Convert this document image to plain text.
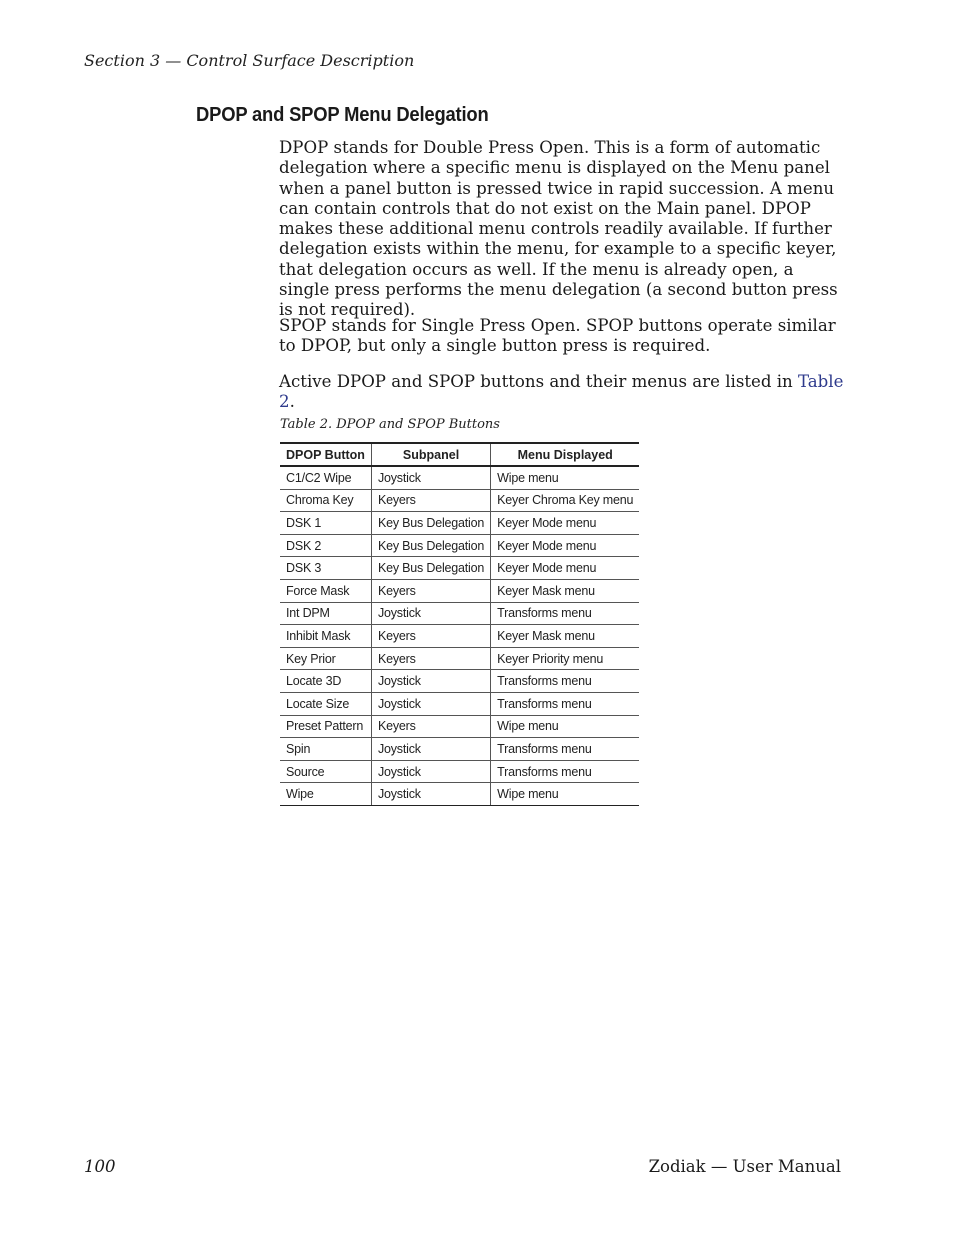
Section 3 — Control Surface Description
DPOP and SPOP Menu Delegation

DPOP stands for Double Press Open. This is a form of automatic delegation where a specific menu is displayed on the Menu panel when a panel button is pressed twice in rapid succession. A menu can contain controls that do not exist on the Main panel. DPOP makes these additional menu controls readily available. If further delegation exists within the menu, for example to a specific keyer, that delegation occurs as well. If the menu is already open, a single press performs the menu delegation (a second button press is not required).

SPOP stands for Single Press Open. SPOP buttons operate similar to DPOP, but only a single button press is required.

Active DPOP and SPOP buttons and their menus are listed in Table 2.

Table 2. DPOP and SPOP Buttons
DPOP Button	Subpanel	Menu Displayed
C1/C2 Wipe	Joystick	Wipe menu
Chroma Key	Keyers	Keyer Chroma Key menu
DSK 1	Key Bus Delegation	Keyer Mode menu
DSK 2	Key Bus Delegation	Keyer Mode menu
DSK 3	Key Bus Delegation	Keyer Mode menu
Force Mask	Keyers	Keyer Mask menu
Int DPM	Joystick	Transforms menu
Inhibit Mask	Keyers	Keyer Mask menu
Key Prior	Keyers	Keyer Priority menu
Locate 3D	Joystick	Transforms menu
Locate Size	Joystick	Transforms menu
Preset Pattern	Keyers	Wipe menu
Spin	Joystick	Transforms menu
Source	Joystick	Transforms menu
Wipe	Joystick	Wipe menu
100	Zodiak — User Manual
